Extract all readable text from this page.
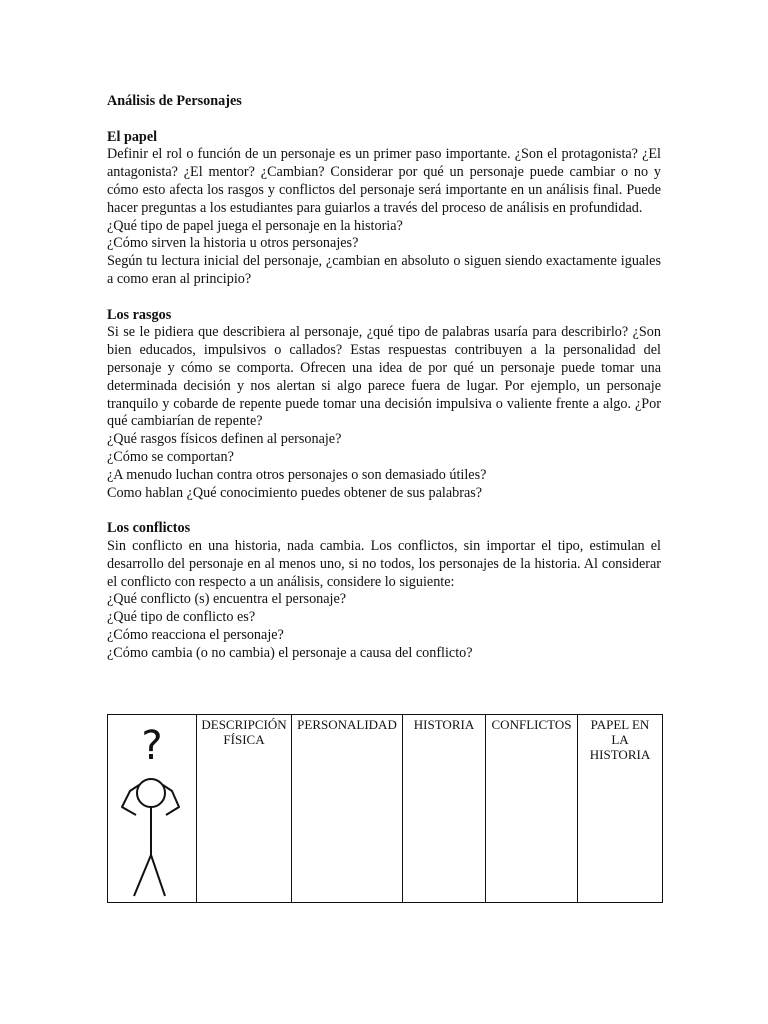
Análisis de Personajes

El papel

Definir el rol o función de un personaje es un primer paso importante. ¿Son el protagonista? ¿El antagonista? ¿El mentor? ¿Cambian? Considerar por qué un personaje puede cambiar o no y cómo esto afecta los rasgos y conflictos del personaje será importante en un análisis final. Puede hacer preguntas a los estudiantes para guiarlos a través del proceso de análisis en profundidad.

¿Qué tipo de papel juega el personaje en la historia?

¿Cómo sirven la historia u otros personajes?

Según tu lectura inicial del personaje, ¿cambian en absoluto o siguen siendo exactamente iguales a como eran al principio?

Los rasgos

Si se le pidiera que describiera al personaje, ¿qué tipo de palabras usaría para describirlo? ¿Son bien educados, impulsivos o callados? Estas respuestas contribuyen a la personalidad del personaje y cómo se comporta. Ofrecen una idea de por qué un personaje puede tomar una determinada decisión y nos alertan si algo parece fuera de lugar. Por ejemplo, un personaje tranquilo y cobarde de repente puede tomar una decisión impulsiva o valiente frente a algo. ¿Por qué cambiarían de repente?

¿Qué rasgos físicos definen al personaje?

¿Cómo se comportan?

¿A menudo luchan contra otros personajes o son demasiado útiles?

Como hablan ¿Qué conocimiento puedes obtener de sus palabras?

Los conflictos

Sin conflicto en una historia, nada cambia. Los conflictos, sin importar el tipo, estimulan el desarrollo del personaje en al menos uno, si no todos, los personajes de la historia. Al considerar el conflicto con respecto a un análisis, considere lo siguiente:

¿Qué conflicto (s) encuentra el personaje?

¿Qué tipo de conflicto es?

¿Cómo reacciona el personaje?

¿Cómo cambia (o no cambia) el personaje a causa del conflicto?

?	DESCRIPCIÓN FÍSICA	PERSONALIDAD	HISTORIA	CONFLICTOS	PAPEL EN LA HISTORIA
